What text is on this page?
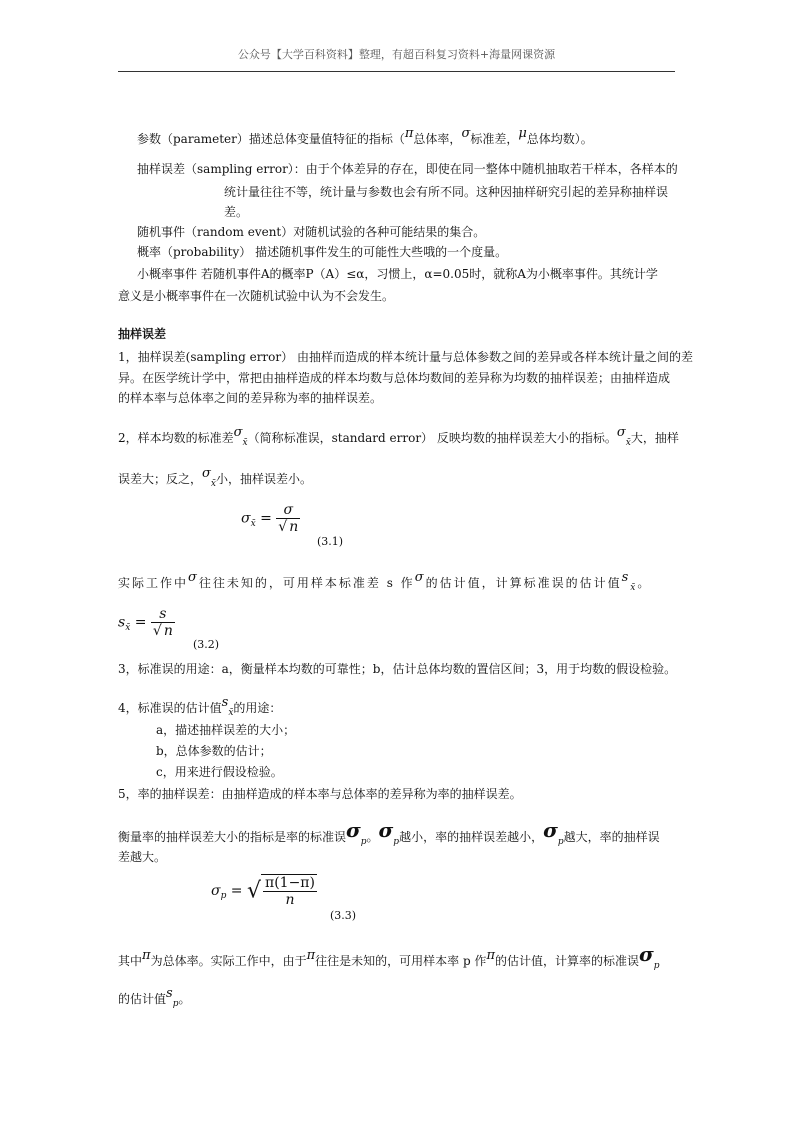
公众号【大学百科资料】整理，有超百科复习资料+海量网课资源
参数（parameter）描述总体变量值特征的指标（π总体率，σ标准差，μ总体均数）。
抽样误差（sampling error）：由于个体差异的存在，即使在同一整体中随机抽取若干样本，各样本的
统计量往往不等，统计量与参数也会有所不同。这种因抽样研究引起的差异称抽样误
差。
随机事件（random event）对随机试验的各种可能结果的集合。
概率（probability） 描述随机事件发生的可能性大些哦的一个度量。
小概率事件 若随机事件A的概率P（A）≤α，习惯上，α=0.05时，就称A为小概率事件。其统计学
意义是小概率事件在一次随机试验中认为不会发生。
抽样误差
1，抽样误差(sampling error） 由抽样而造成的样本统计量与总体参数之间的差异或各样本统计量之间的差
异。在医学统计学中，常把由抽样造成的样本均数与总体均数间的差异称为均数的抽样误差；由抽样造成
的样本率与总体率之间的差异称为率的抽样误差。
2，样本均数的标准差$\sigma_{x̄}$（简称标准误，standard error） 反映均数的抽样误差大小的指标。$\sigma_{x̄}$大，抽样
误差大；反之，$\sigma_{x̄}$小，抽样误差小。
$\sigma_{x̄} = \frac{\sigma}{√ n}$
(3.1)
实际工作中σ往往未知的，可用样本标准差 s 作σ的估计值，计算标准误的估计值$s_{x̄}$。
$s_{x̄} = \frac{s}{√ n}$
(3.2)
3，标准误的用途：a，衡量样本均数的可靠性；b，估计总体均数的置信区间；3，用于均数的假设检验。
4，标准误的估计值$s_{x̄}$的用途：
a，描述抽样误差的大小；
b，总体参数的估计；
c，用来进行假设检验。
5，率的抽样误差：由抽样造成的样本率与总体率的差异称为率的抽样误差。
衡量率的抽样误差大小的指标是率的标准误$\sigma_p$。$\sigma_p$越小，率的抽样误差越小，$\sigma_p$越大，率的抽样误
差越大。
$\sigma_p$ = √ $\frac{\pi(1-\pi)}{n}$
(3.3)
其中π为总体率。实际工作中，由于π往往是未知的，可用样本率 p 作π的估计值，计算率的标准误$\sigma_p$
的估计值$s_p$。
